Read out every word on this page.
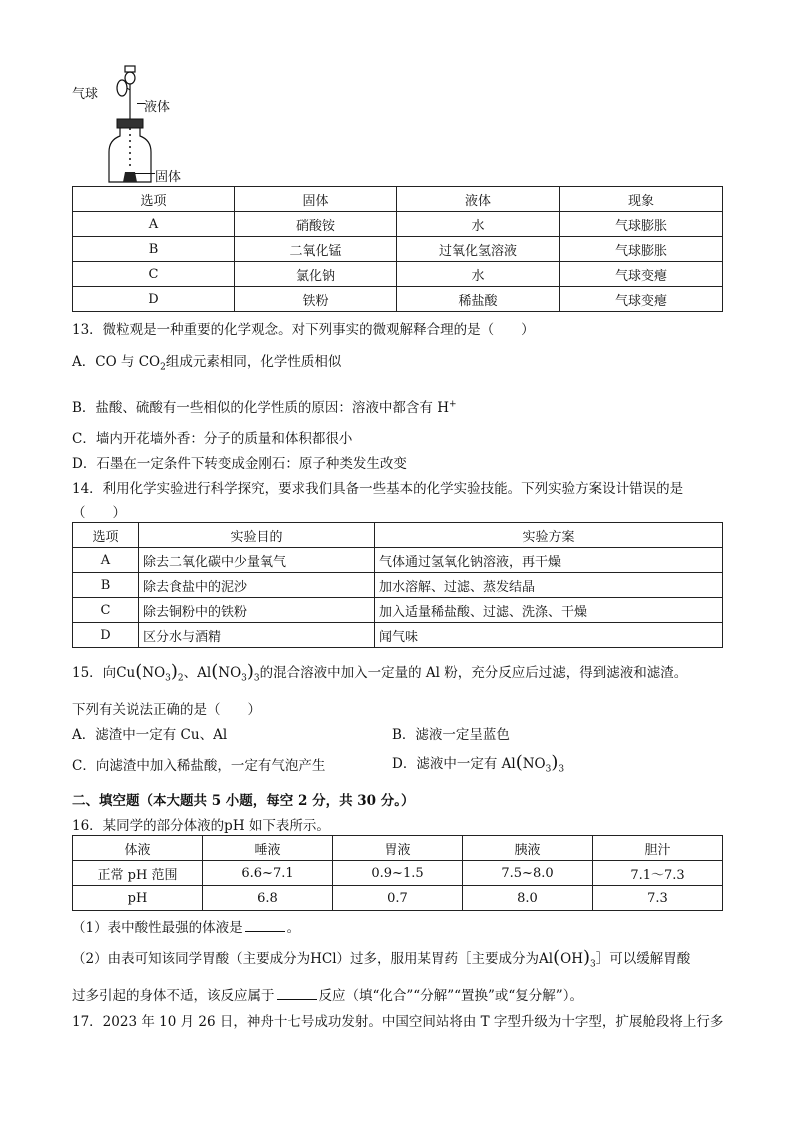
气球
液体
固体
选项	固体	液体	现象
A	硝酸铵	水	气球膨胀
B	二氧化锰	过氧化氢溶液	气球膨胀
C	氯化钠	水	气球变瘪
D	铁粉	稀盐酸	气球变瘪
13．微粒观是一种重要的化学观念。对下列事实的微观解释合理的是（　　）
A．CO 与 $CO_2$组成元素相同，化学性质相似
B．盐酸、硫酸有一些相似的化学性质的原因：溶液中都含有 H+
C．墙内开花墙外香：分子的质量和体积都很小
D．石墨在一定条件下转变成金刚石：原子种类发生改变
14．利用化学实验进行科学探究，要求我们具备一些基本的化学实验技能。下列实验方案设计错误的是
（　　）
选项	实验目的	实验方案
A	除去二氧化碳中少量氧气	气体通过氢氧化钠溶液，再干燥
B	除去食盐中的泥沙	加水溶解、过滤、蒸发结晶
C	除去铜粉中的铁粉	加入适量稀盐酸、过滤、洗涤、干燥
D	区分水与酒精	闻气味
15．向$Cu(NO_3)_2$、$Al(NO_3)_3$的混合溶液中加入一定量的 Al 粉，充分反应后过滤，得到滤液和滤渣。
下列有关说法正确的是（　　）
A．滤渣中一定有 Cu、Al	B．滤液一定呈蓝色
C．向滤渣中加入稀盐酸，一定有气泡产生	D．滤液中一定有 $Al(NO_3)_3$
二、填空题（本大题共 5 小题，每空 2 分，共 30 分。）
16．某同学的部分体液的pH 如下表所示。
体液	唾液	胃液	胰液	胆汁
正常 pH 范围	6.6~7.1	0.9~1.5	7.5~8.0	7.1～7.3
pH	6.8	0.7	8.0	7.3
（1）表中酸性最强的体液是	。
（2）由表可知该同学胃酸（主要成分为HCl）过多，服用某胃药［主要成分为$Al(OH)_3]$可以缓解胃酸
过多引起的身体不适，该反应属于	反应（填“化合”“分解”“置换”或“复分解”）。
17．2023 年 10 月 26 日，神舟十七号成功发射。中国空间站将由 T 字型升级为十字型，扩展舱段将上行多
